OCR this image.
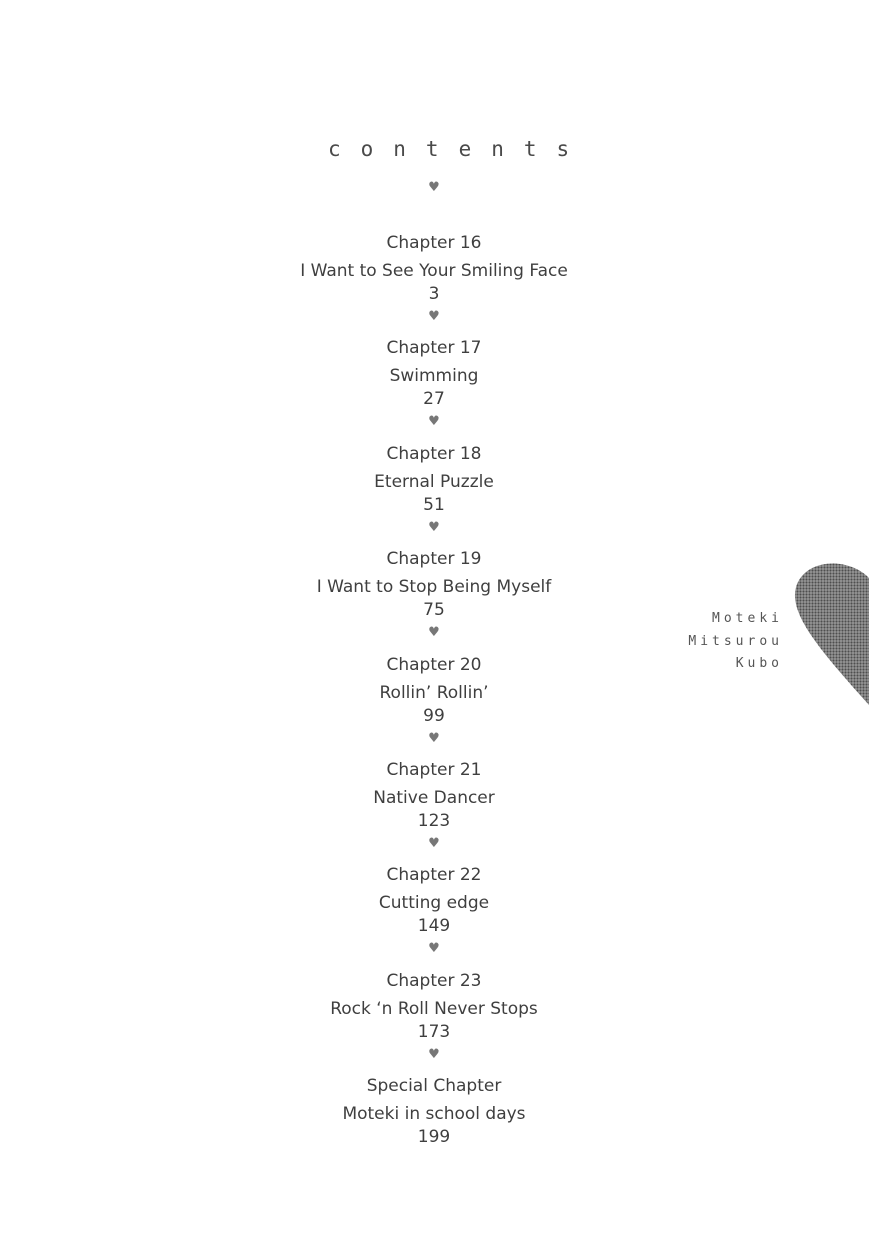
contents
♥
Chapter 16
I Want to See Your Smiling Face
3
♥
Chapter 17
Swimming
27
♥
Chapter 18
Eternal Puzzle
51
♥
Chapter 19
I Want to Stop Being Myself
75
♥
Chapter 20
Rollin’ Rollin’
99
♥
Chapter 21
Native Dancer
123
♥
Chapter 22
Cutting edge
149
♥
Chapter 23
Rock ‘n Roll Never Stops
173
♥
Special Chapter
Moteki in school days
199
Moteki
Mitsurou
Kubo
